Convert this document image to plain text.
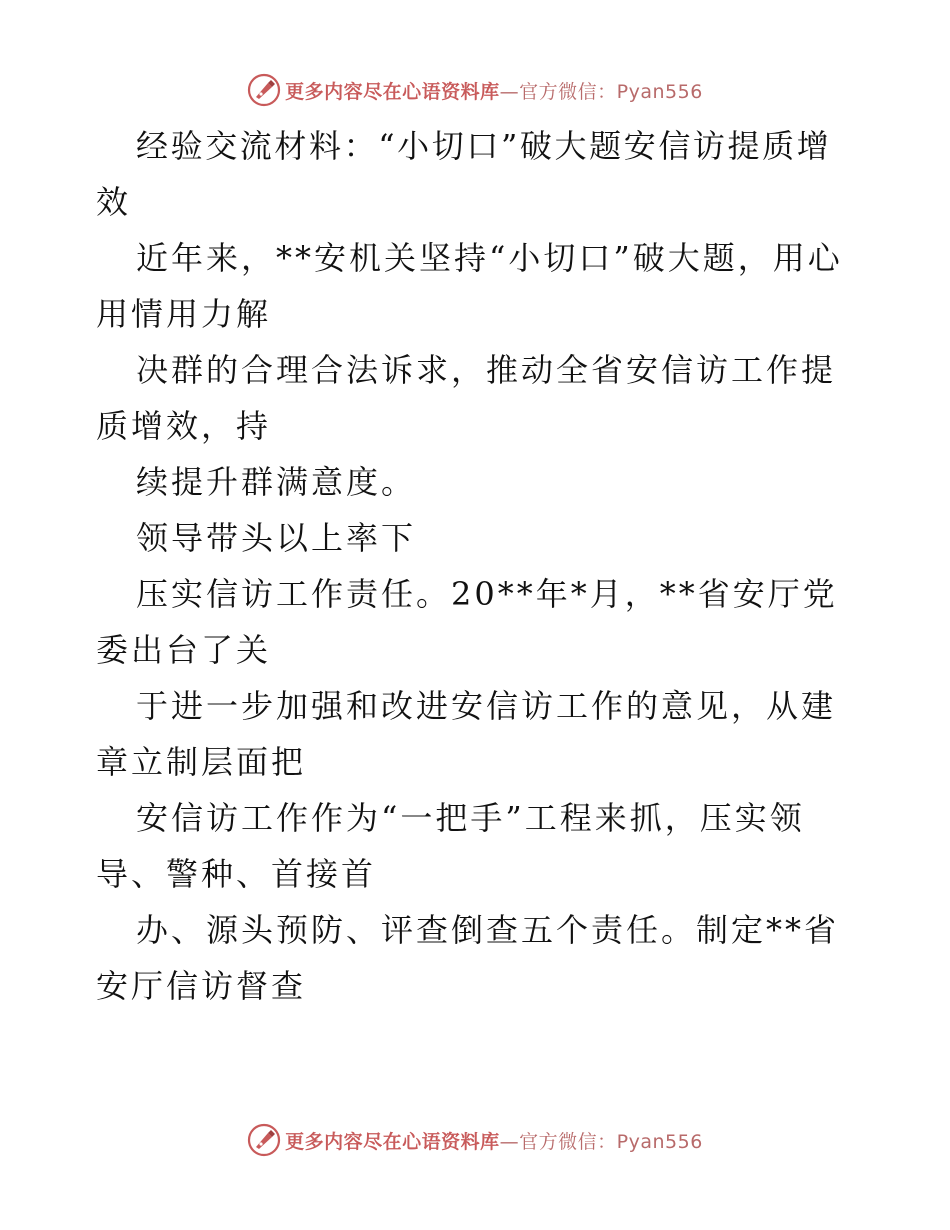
更多内容尽在心语资料库—官方微信：Pyan556

经验交流材料：“小切口”破大题安信访提质增效

近年来，**安机关坚持“小切口”破大题，用心用情用力解

决群的合理合法诉求，推动全省安信访工作提质增效，持

续提升群满意度。

领导带头以上率下

压实信访工作责任。20**年*月，**省安厅党委出台了关

于进一步加强和改进安信访工作的意见，从建章立制层面把

安信访工作作为“一把手”工程来抓，压实领导、警种、首接首

办、源头预防、评查倒查五个责任。制定**省安厅信访督查

更多内容尽在心语资料库—官方微信：Pyan556
